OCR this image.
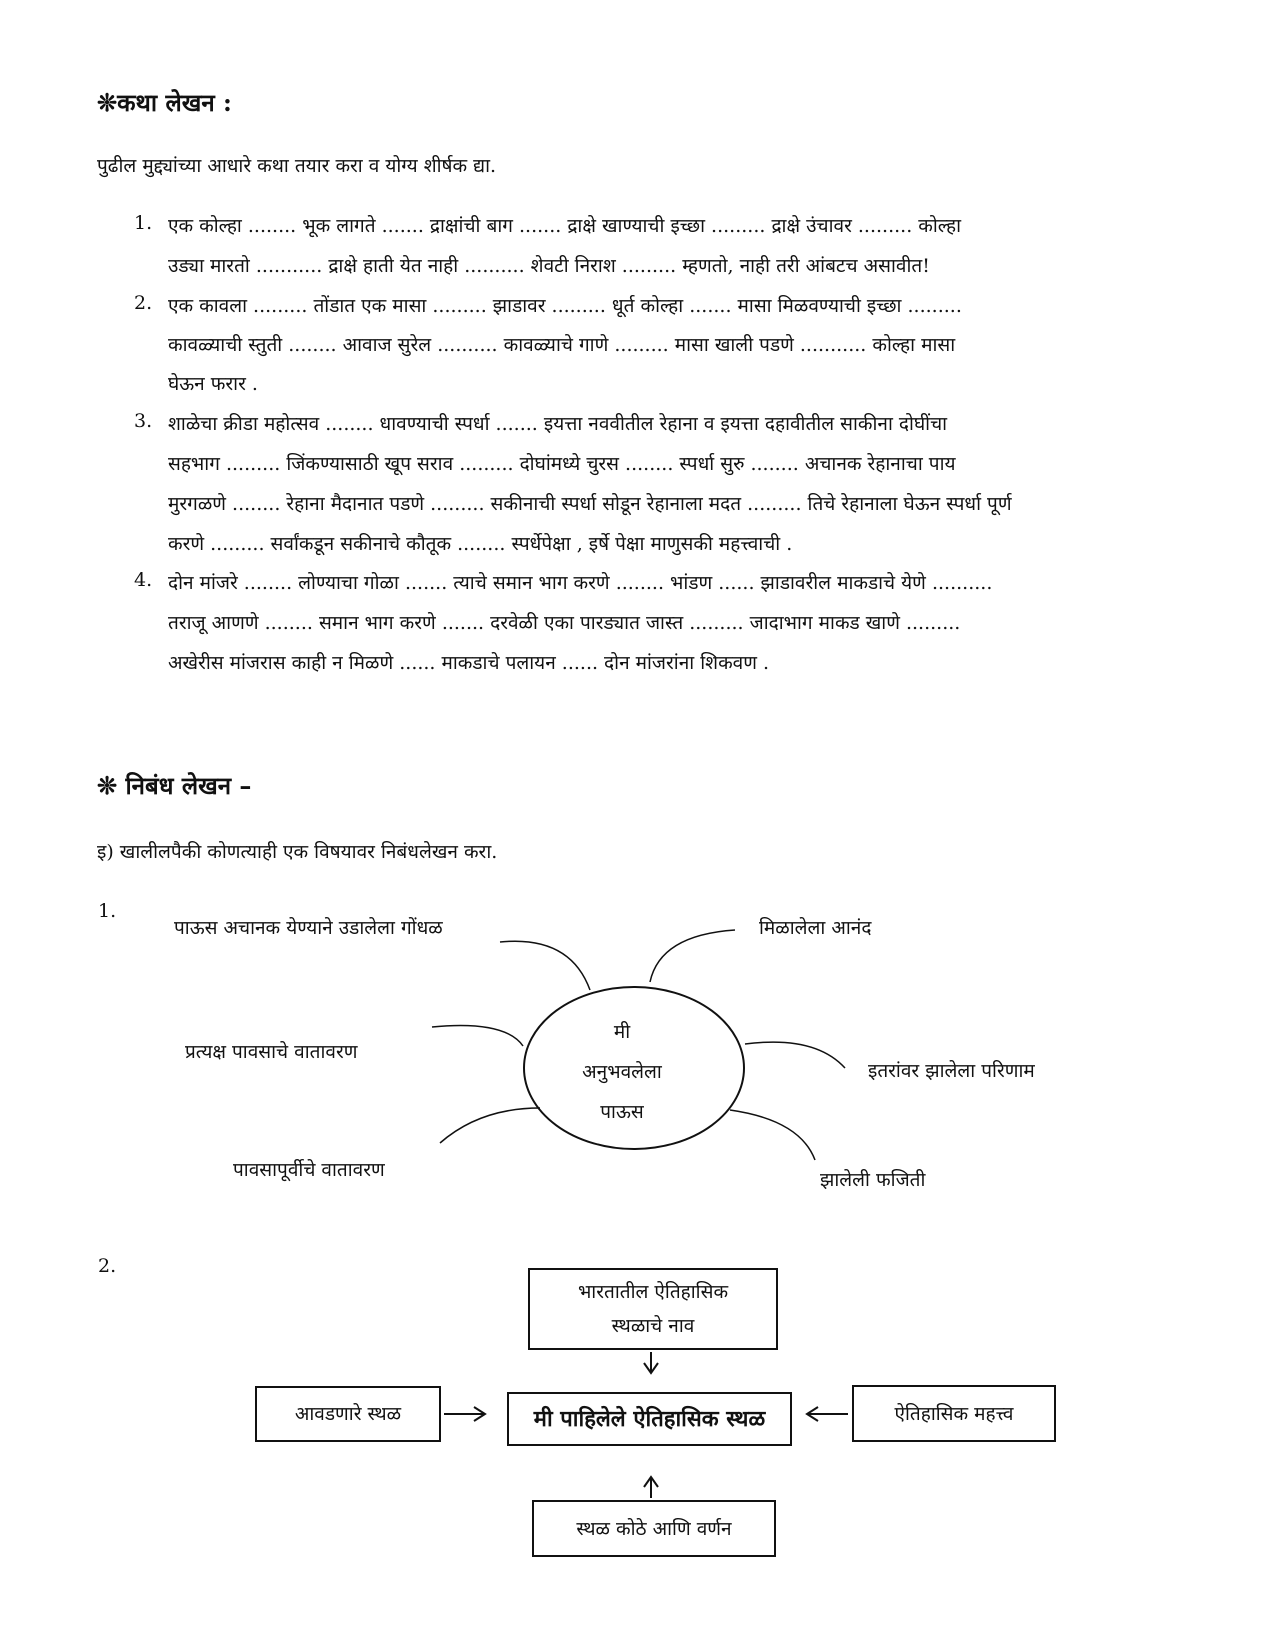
❊कथा लेखन :
पुढील मुद्द्यांच्या आधारे कथा तयार करा व योग्य शीर्षक द्या.
1. एक कोल्हा ........ भूक लागते ....... द्राक्षांची बाग ....... द्राक्षे खाण्याची इच्छा ......... द्राक्षे उंचावर ......... कोल्हा
उड्या मारतो ........... द्राक्षे हाती येत नाही .......... शेवटी निराश ......... म्हणतो, नाही तरी आंबटच असावीत!
2. एक कावला ......... तोंडात एक मासा ......... झाडावर ......... धूर्त कोल्हा ....... मासा मिळवण्याची इच्छा .........
कावळ्याची स्तुती ........ आवाज सुरेल .......... कावळ्याचे गाणे ......... मासा खाली पडणे ........... कोल्हा मासा
घेऊन फरार .
3. शाळेचा क्रीडा महोत्सव ........ धावण्याची स्पर्धा ....... इयत्ता नववीतील रेहाना व इयत्ता दहावीतील साकीना दोघींचा
सहभाग ......... जिंकण्यासाठी खूप सराव ......... दोघांमध्ये चुरस ........ स्पर्धा सुरु ........ अचानक रेहानाचा पाय
मुरगळणे ........ रेहाना मैदानात पडणे ......... सकीनाची स्पर्धा सोडून रेहानाला मदत ......... तिचे रेहानाला घेऊन स्पर्धा पूर्ण
करणे ......... सर्वांकडून सकीनाचे कौतूक ........ स्पर्धेपेक्षा , इर्षे पेक्षा माणुसकी महत्त्वाची .
4. दोन मांजरे ........ लोण्याचा गोळा ....... त्याचे समान भाग करणे ........ भांडण ...... झाडावरील माकडाचे येणे ..........
तराजू आणणे ........ समान भाग करणे ....... दरवेळी एका पारड्यात जास्त ......... जादाभाग माकड खाणे .........
अखेरीस मांजरास काही न मिळणे ...... माकडाचे पलायन ...... दोन मांजरांना शिकवण .
❊ निबंध लेखन –
इ) खालीलपैकी कोणत्याही एक विषयावर निबंधलेखन करा.
1.
मी
अनुभवलेला
पाऊस
पाऊस अचानक येण्याने उडालेला गोंधळ	मिळालेला आनंद
प्रत्यक्ष पावसाचे वातावरण
इतरांवर झालेला परिणाम
पावसापूर्वीचे वातावरण	झालेली फजिती
2.
भारतातील ऐतिहासिक
स्थळाचे नाव
आवडणारे स्थळ	मी पाहिलेले ऐतिहासिक स्थळ	ऐतिहासिक महत्त्व
स्थळ कोठे आणि वर्णन
